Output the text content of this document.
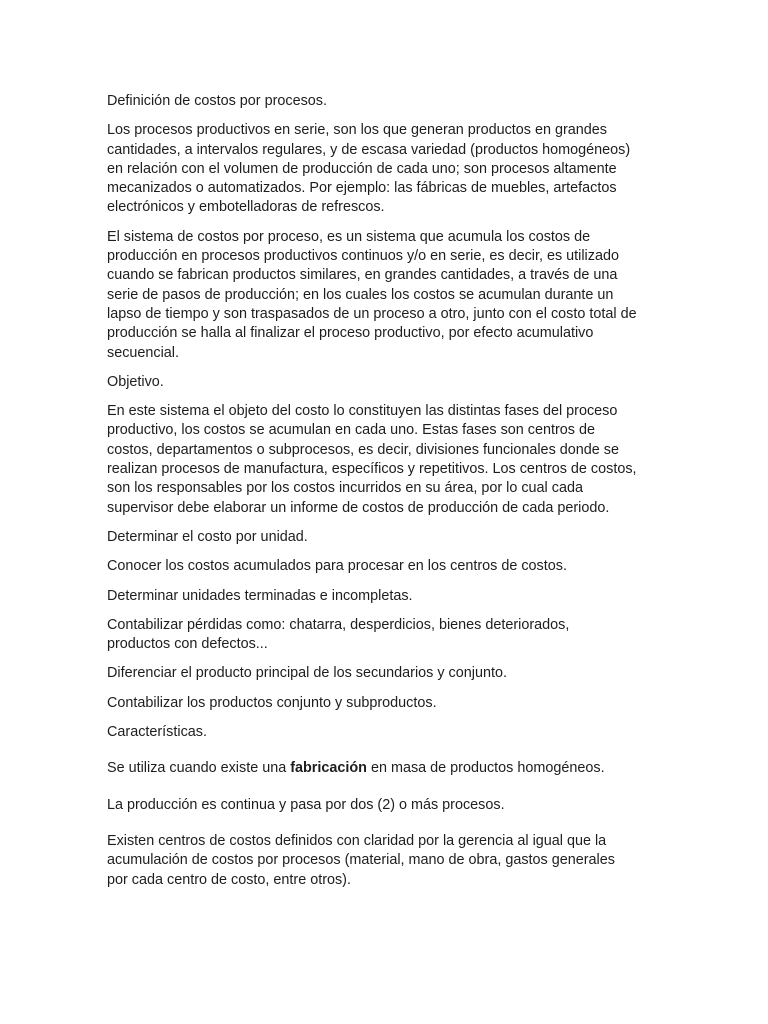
Definición de costos por procesos.

Los procesos productivos en serie, son los que generan productos en grandes
cantidades, a intervalos regulares, y de escasa variedad (productos homogéneos)
en relación con el volumen de producción de cada uno; son procesos altamente
mecanizados o automatizados. Por ejemplo: las fábricas de muebles, artefactos
electrónicos y embotelladoras de refrescos.

El sistema de costos por proceso, es un sistema que acumula los costos de
producción en procesos productivos continuos y/o en serie, es decir, es utilizado
cuando se fabrican productos similares, en grandes cantidades, a través de una
serie de pasos de producción; en los cuales los costos se acumulan durante un
lapso de tiempo y son traspasados de un proceso a otro, junto con el costo total de
producción se halla al finalizar el proceso productivo, por efecto acumulativo
secuencial.

Objetivo.

En este sistema el objeto del costo lo constituyen las distintas fases del proceso
productivo, los costos se acumulan en cada uno. Estas fases son centros de
costos, departamentos o subprocesos, es decir, divisiones funcionales donde se
realizan procesos de manufactura, específicos y repetitivos. Los centros de costos,
son los responsables por los costos incurridos en su área, por lo cual cada
supervisor debe elaborar un informe de costos de producción de cada periodo.

Determinar el costo por unidad.

Conocer los costos acumulados para procesar en los centros de costos.

Determinar unidades terminadas e incompletas.

Contabilizar pérdidas como: chatarra, desperdicios, bienes deteriorados,
productos con defectos...

Diferenciar el producto principal de los secundarios y conjunto.

Contabilizar los productos conjunto y subproductos.

Características.

Se utiliza cuando existe una fabricación en masa de productos homogéneos.

La producción es continua y pasa por dos (2) o más procesos.

Existen centros de costos definidos con claridad por la gerencia al igual que la
acumulación de costos por procesos (material, mano de obra, gastos generales
por cada centro de costo, entre otros).
